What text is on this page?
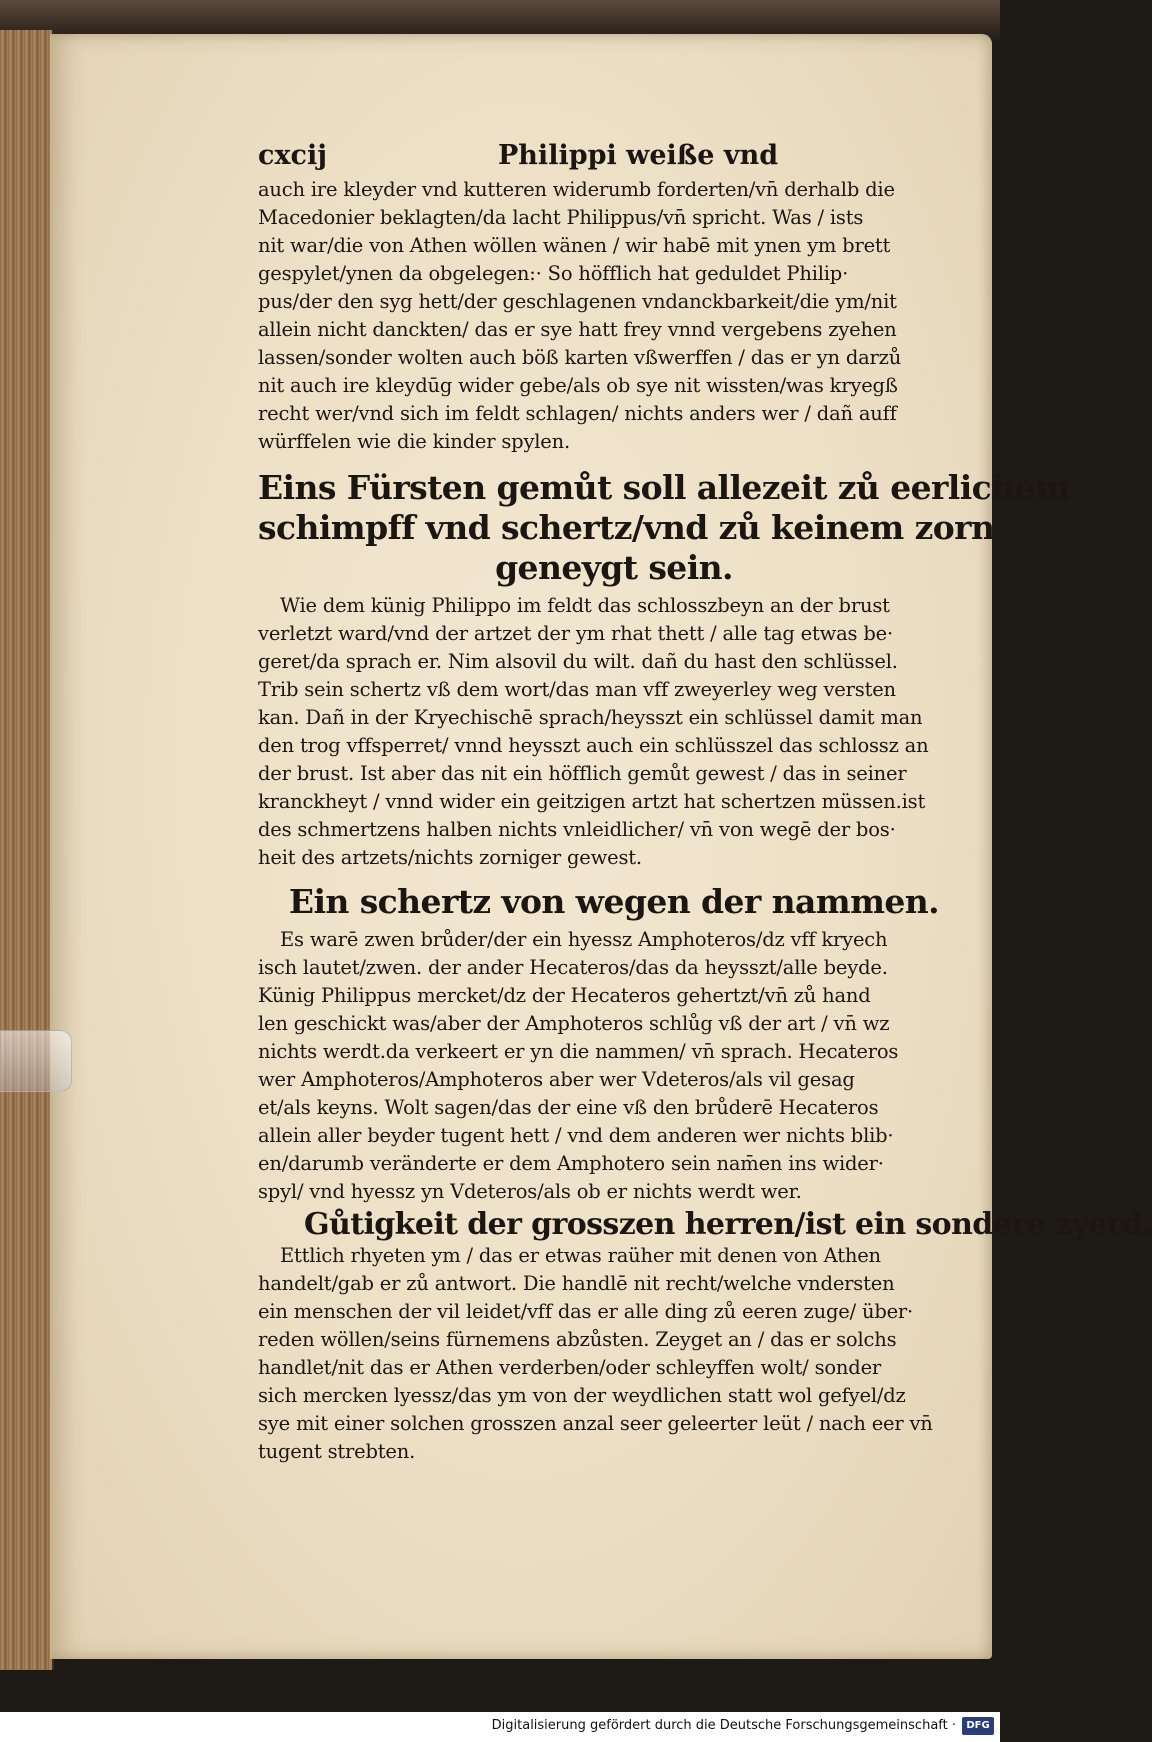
cxcij	Philippi weiße vnd
auch ire kleyder vnd kutteren widerumb forderten/vn̄ derhalb die
Macedonier beklagten/da lacht Philippus/vn̄ spricht. Was / ists
nit war/die von Athen wöllen wänen / wir habē mit ynen ym brett
gespylet/ynen da obgelegen:· So höfflich hat geduldet Philip·
pus/der den syg hett/der geschlagenen vndanckbarkeit/die ym/nit
allein nicht danckten/ das er sye hatt frey vnnd vergebens zyehen
lassen/sonder wolten auch böß karten vßwerffen / das er yn darzů
nit auch ire kleydūg wider gebe/als ob sye nit wissten/was kryegß
recht wer/vnd sich im feldt schlagen/ nichts anders wer / dañ auff
würffelen wie die kinder spylen.
Eins Fürsten gemůt soll allezeit zů eerlichem
schimpff vnd schertz/vnd zů keinem zorn
geneygt sein.
Wie dem künig Philippo im feldt das schlosszbeyn an der brust
verletzt ward/vnd der artzet der ym rhat thett / alle tag etwas be·
geret/da sprach er. Nim alsovil du wilt. dañ du hast den schlüssel.
Trib sein schertz vß dem wort/das man vff zweyerley weg versten
kan. Dañ in der Kryechischē sprach/heysszt ein schlüssel damit man
den trog vffsperret/ vnnd heysszt auch ein schlüsszel das schlossz an
der brust. Ist aber das nit ein höfflich gemůt gewest / das in seiner
kranckheyt / vnnd wider ein geitzigen artzt hat schertzen müssen.ist
des schmertzens halben nichts vnleidlicher/ vn̄ von wegē der bos·
heit des artzets/nichts zorniger gewest.
Ein schertz von wegen der nammen.
Es warē zwen brůder/der ein hyessz Amphoteros/dz vff kryech
isch lautet/zwen. der ander Hecateros/das da heysszt/alle beyde.
Künig Philippus mercket/dz der Hecateros gehertzt/vn̄ zů hand
len geschickt was/aber der Amphoteros schlůg vß der art / vn̄ wz
nichts werdt.da verkeert er yn die nammen/ vn̄ sprach. Hecateros
wer Amphoteros/Amphoteros aber wer Vdeteros/als vil gesag
et/als keyns. Wolt sagen/das der eine vß den brůderē Hecateros
allein aller beyder tugent hett / vnd dem anderen wer nichts blib·
en/darumb veränderte er dem Amphotero sein nam̄en ins wider·
spyl/ vnd hyessz yn Vdeteros/als ob er nichts werdt wer.
Gůtigkeit der grosszen herren/ist ein sondere zyerd.
Ettlich rhyeten ym / das er etwas raüher mit denen von Athen
handelt/gab er zů antwort. Die handlē nit recht/welche vndersten
ein menschen der vil leidet/vff das er alle ding zů eeren zuge/ über·
reden wöllen/seins fürnemens abzůsten. Zeyget an / das er solchs
handlet/nit das er Athen verderben/oder schleyffen wolt/ sonder
sich mercken lyessz/das ym von der weydlichen statt wol gefyel/dz
sye mit einer solchen grosszen anzal seer geleerter leüt / nach eer vn̄
tugent strebten.
Digitalisierung gefördert durch die Deutsche Forschungsgemeinschaft ·	DFG
